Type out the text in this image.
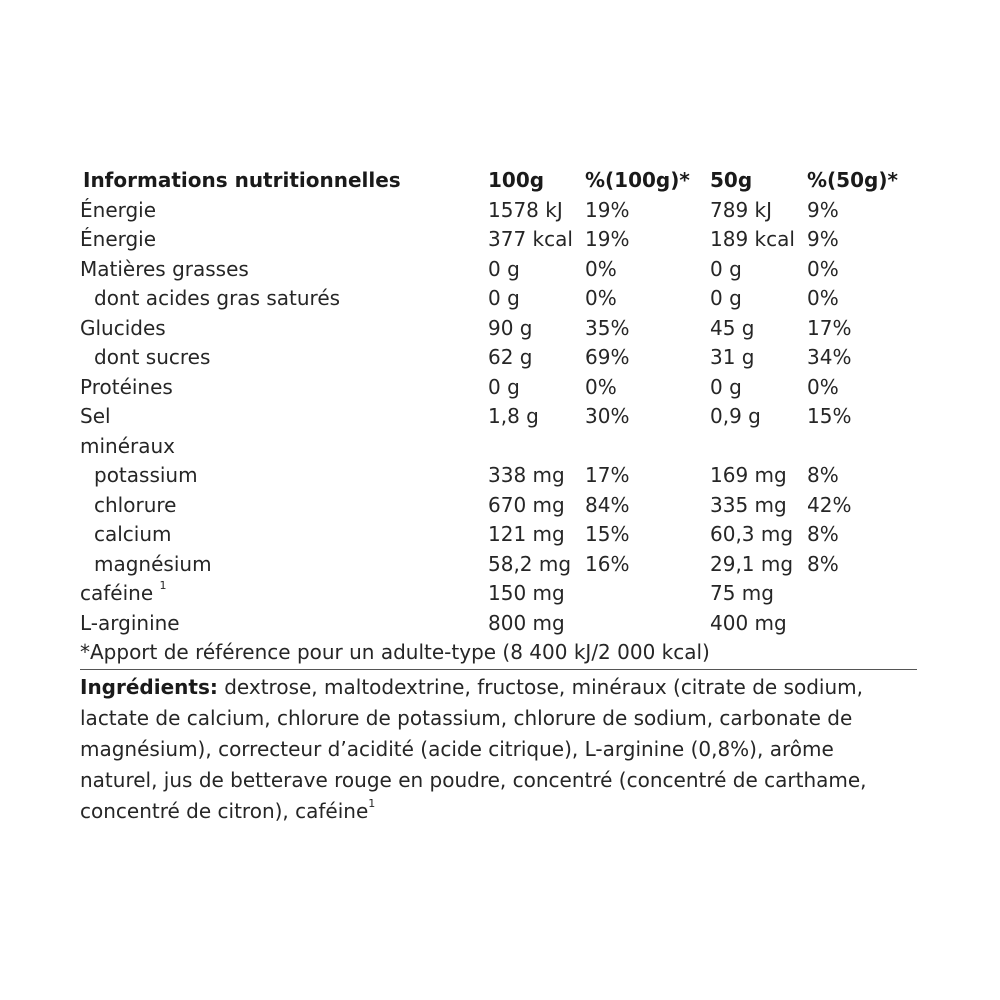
Informations nutritionnelles	100g %(100g)* 50g	%(50g)*
Énergie	1578 kJ 19%	789 kJ 9%
Énergie	377 kcal 19%	189 kcal 9%
Matières grasses	0 g	0%	0 g	0%
dont acides gras saturés	0 g	0%	0 g	0%
Glucides	90 g	35%	45 g	17%
dont sucres	62 g	69%	31 g	34%
Protéines	0 g	0%	0 g	0%
Sel	1,8 g 30%	0,9 g 15%
minéraux
potassium	338 mg 17%	169 mg 8%
chlorure	670 mg 84%	335 mg 42%
calcium	121 mg 15%	60,3 mg 8%
magnésium	58,2 mg 16%	29,1 mg 8%
caféine $^1$	150 mg	75 mg
L-arginine	800 mg	400 mg
*Apport de référence pour un adulte-type (8 400 kJ/2 000 kcal)
Ingrédients: dextrose, maltodextrine, fructose, minéraux (citrate de sodium, lactate de calcium, chlorure de potassium, chlorure de sodium, carbonate de magnésium), correcteur d’acidité (acide citrique), L-arginine (0,8%), arôme naturel, jus de betterave rouge en poudre, concentré (concentré de carthame, concentré de citron), caféine$^1$
